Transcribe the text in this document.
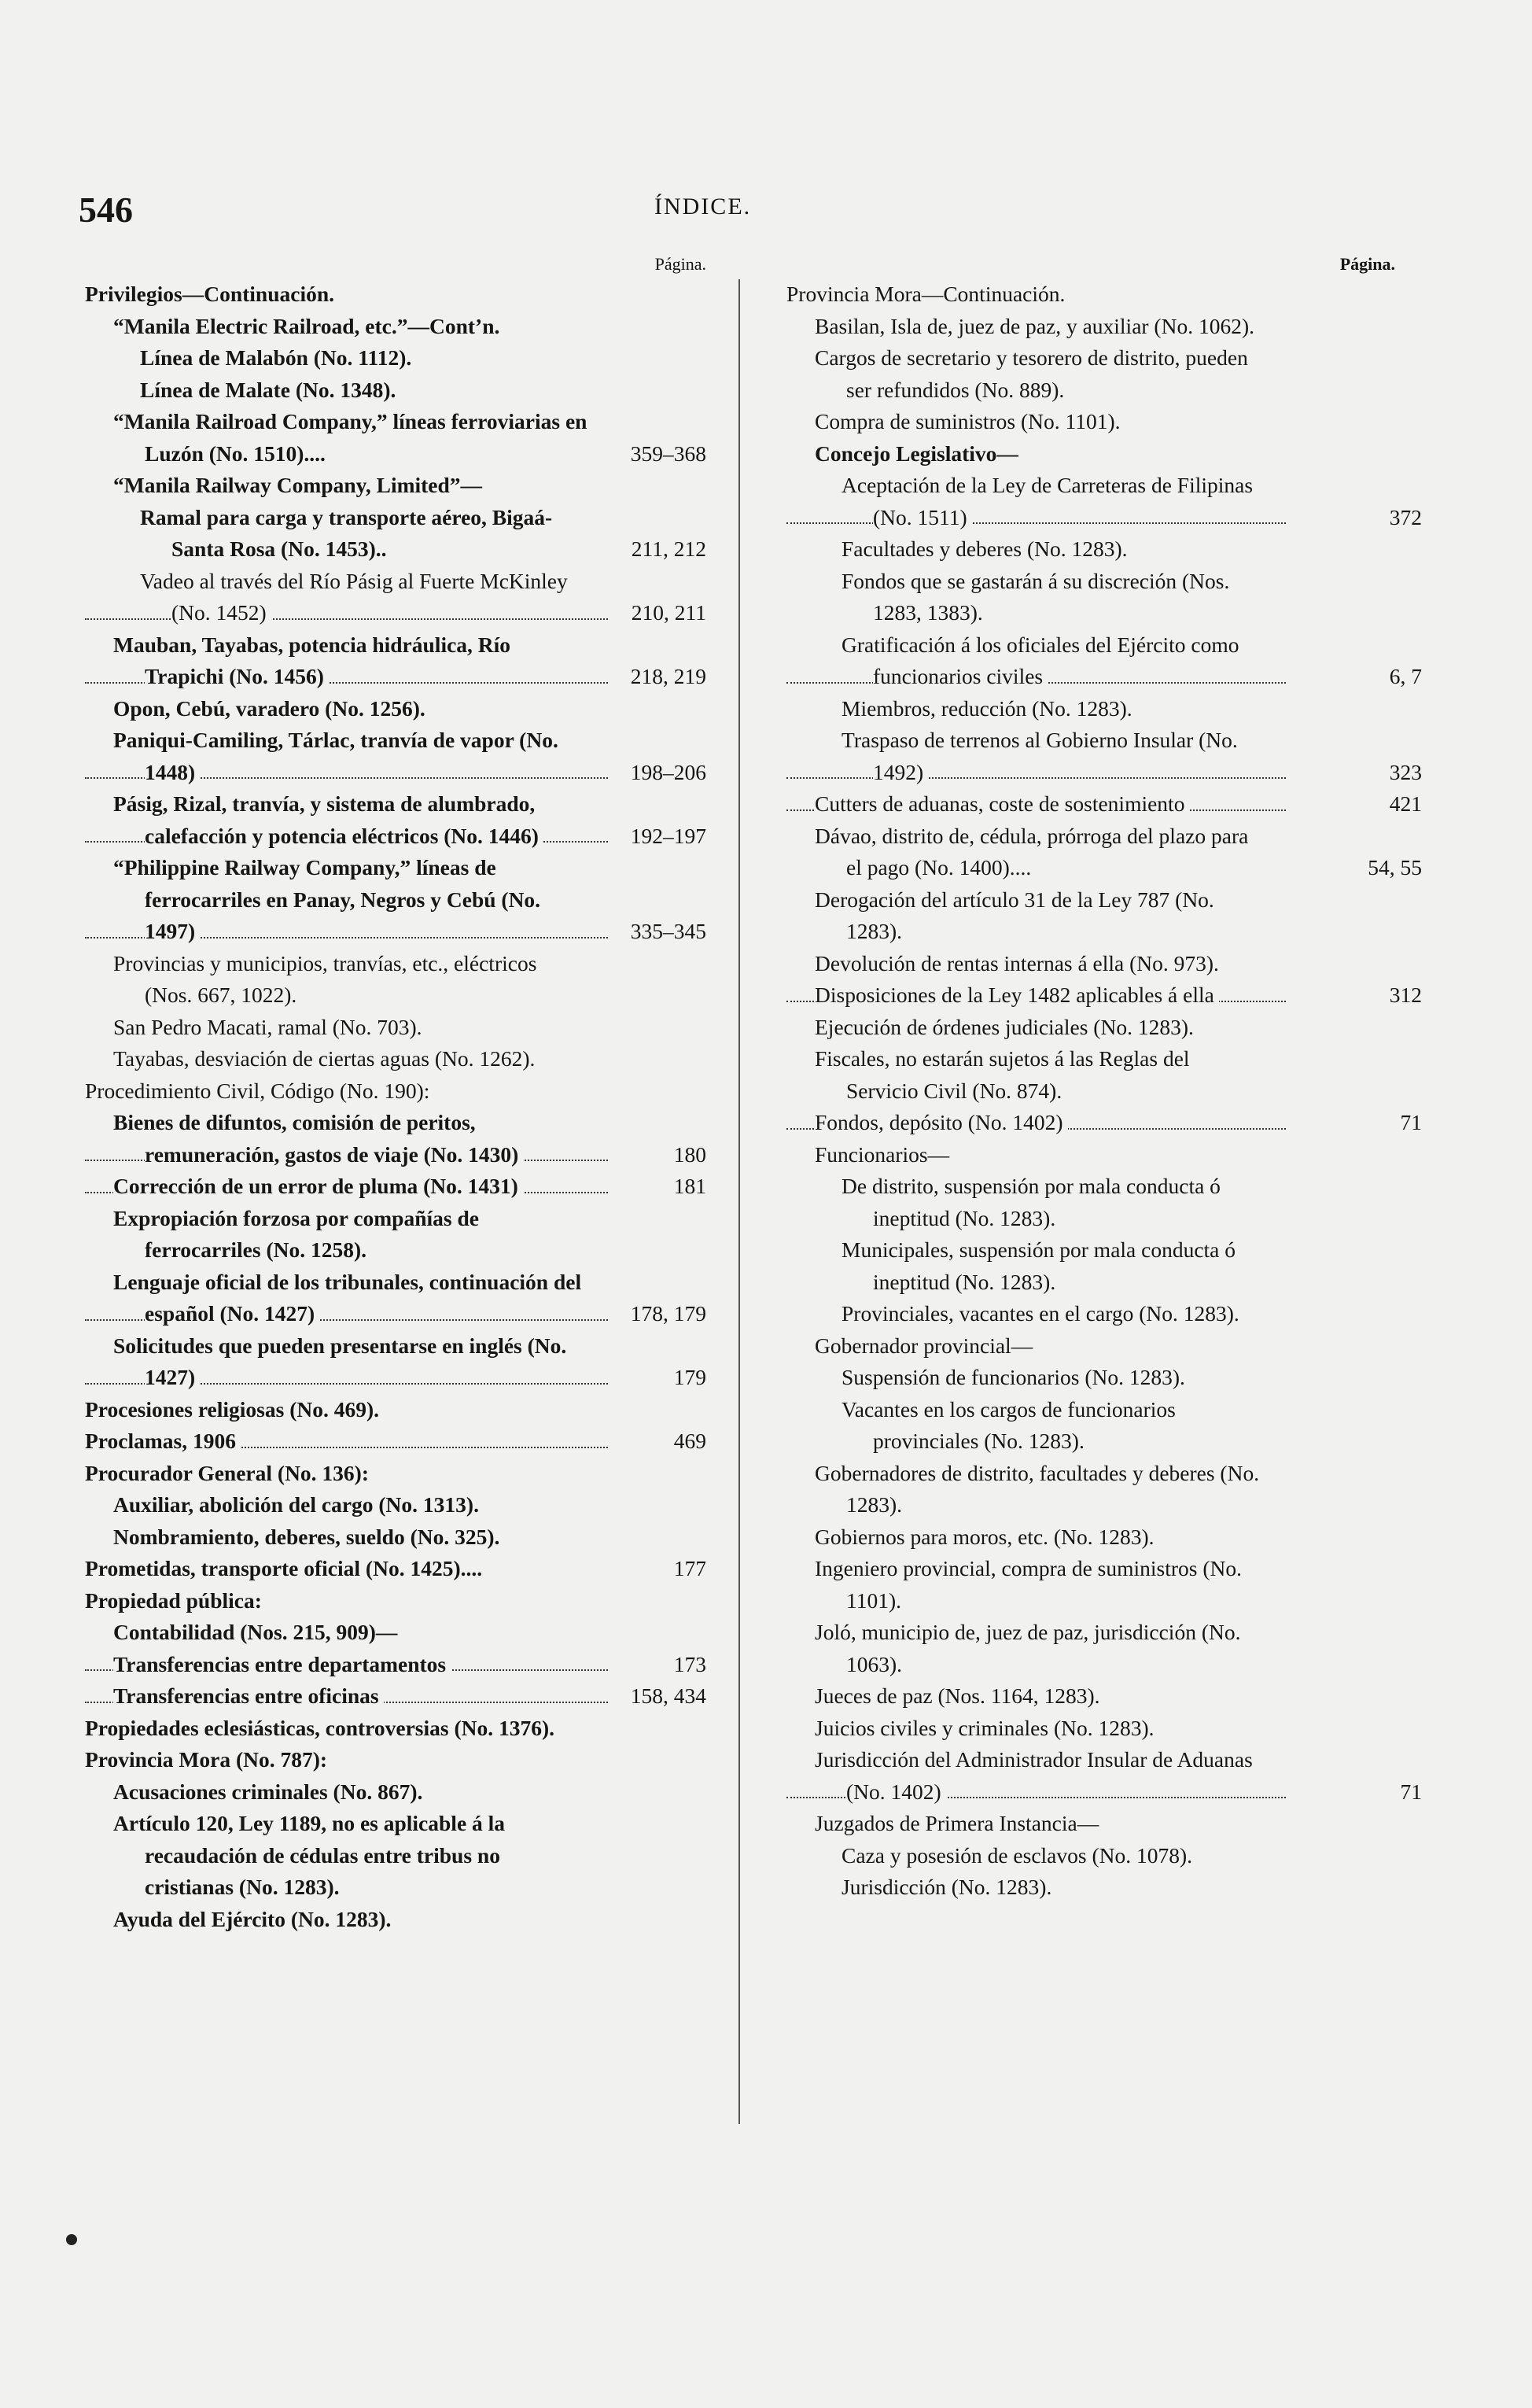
546	ÍNDICE.
Página.
Privilegios—Continuación.
“Manila Electric Railroad, etc.”—Cont’n.
Línea de Malabón (No. 1112).
Línea de Malate (No. 1348).
“Manila Railroad Company,” líneas ferroviarias en Luzón (No. 1510)....	359–368
“Manila Railway Company, Limited”—
Ramal para carga y transporte aéreo, Bigaá-Santa Rosa (No. 1453)..	211, 212
Vadeo al través del Río Pásig al Fuerte McKinley (No. 1452)	210, 211
Mauban, Tayabas, potencia hidráulica, Río Trapichi (No. 1456)	218, 219
Opon, Cebú, varadero (No. 1256).
Paniqui-Camiling, Tárlac, tranvía de vapor (No. 1448)	198–206
Pásig, Rizal, tranvía, y sistema de alumbrado, calefacción y potencia eléctricos (No. 1446)	192–197
“Philippine Railway Company,” líneas de ferrocarriles en Panay, Negros y Cebú (No. 1497)	335–345
Provincias y municipios, tranvías, etc., eléctricos (Nos. 667, 1022).
San Pedro Macati, ramal (No. 703).
Tayabas, desviación de ciertas aguas (No. 1262).
Procedimiento Civil, Código (No. 190):
Bienes de difuntos, comisión de peritos, remuneración, gastos de viaje (No. 1430)	180
Corrección de un error de pluma (No. 1431)	181
Expropiación forzosa por compañías de ferrocarriles (No. 1258).
Lenguaje oficial de los tribunales, continuación del español (No. 1427)	178, 179
Solicitudes que pueden presentarse en inglés (No. 1427)	179
Procesiones religiosas (No. 469).
Proclamas, 1906	469
Procurador General (No. 136):
Auxiliar, abolición del cargo (No. 1313).
Nombramiento, deberes, sueldo (No. 325).
Prometidas, transporte oficial (No. 1425)....	177
Propiedad pública:
Contabilidad (Nos. 215, 909)—
Transferencias entre departamentos	173
Transferencias entre oficinas	158, 434
Propiedades eclesiásticas, controversias (No. 1376).
Provincia Mora (No. 787):
Acusaciones criminales (No. 867).
Artículo 120, Ley 1189, no es aplicable á la recaudación de cédulas entre tribus no cristianas (No. 1283).
Ayuda del Ejército (No. 1283).
Página.
Provincia Mora—Continuación.
Basilan, Isla de, juez de paz, y auxiliar (No. 1062).
Cargos de secretario y tesorero de distrito, pueden ser refundidos (No. 889).
Compra de suministros (No. 1101).
Concejo Legislativo—
Aceptación de la Ley de Carreteras de Filipinas (No. 1511)	372
Facultades y deberes (No. 1283).
Fondos que se gastarán á su discreción (Nos. 1283, 1383).
Gratificación á los oficiales del Ejército como funcionarios civiles	6, 7
Miembros, reducción (No. 1283).
Traspaso de terrenos al Gobierno Insular (No. 1492)	323
Cutters de aduanas, coste de sostenimiento	421
Dávao, distrito de, cédula, prórroga del plazo para el pago (No. 1400)....	54, 55
Derogación del artículo 31 de la Ley 787 (No. 1283).
Devolución de rentas internas á ella (No. 973).
Disposiciones de la Ley 1482 aplicables á ella	312
Ejecución de órdenes judiciales (No. 1283).
Fiscales, no estarán sujetos á las Reglas del Servicio Civil (No. 874).
Fondos, depósito (No. 1402)	71
Funcionarios—
De distrito, suspensión por mala conducta ó ineptitud (No. 1283).
Municipales, suspensión por mala conducta ó ineptitud (No. 1283).
Provinciales, vacantes en el cargo (No. 1283).
Gobernador provincial—
Suspensión de funcionarios (No. 1283).
Vacantes en los cargos de funcionarios provinciales (No. 1283).
Gobernadores de distrito, facultades y deberes (No. 1283).
Gobiernos para moros, etc. (No. 1283).
Ingeniero provincial, compra de suministros (No. 1101).
Joló, municipio de, juez de paz, jurisdicción (No. 1063).
Jueces de paz (Nos. 1164, 1283).
Juicios civiles y criminales (No. 1283).
Jurisdicción del Administrador Insular de Aduanas (No. 1402)	71
Juzgados de Primera Instancia—
Caza y posesión de esclavos (No. 1078).
Jurisdicción (No. 1283).
